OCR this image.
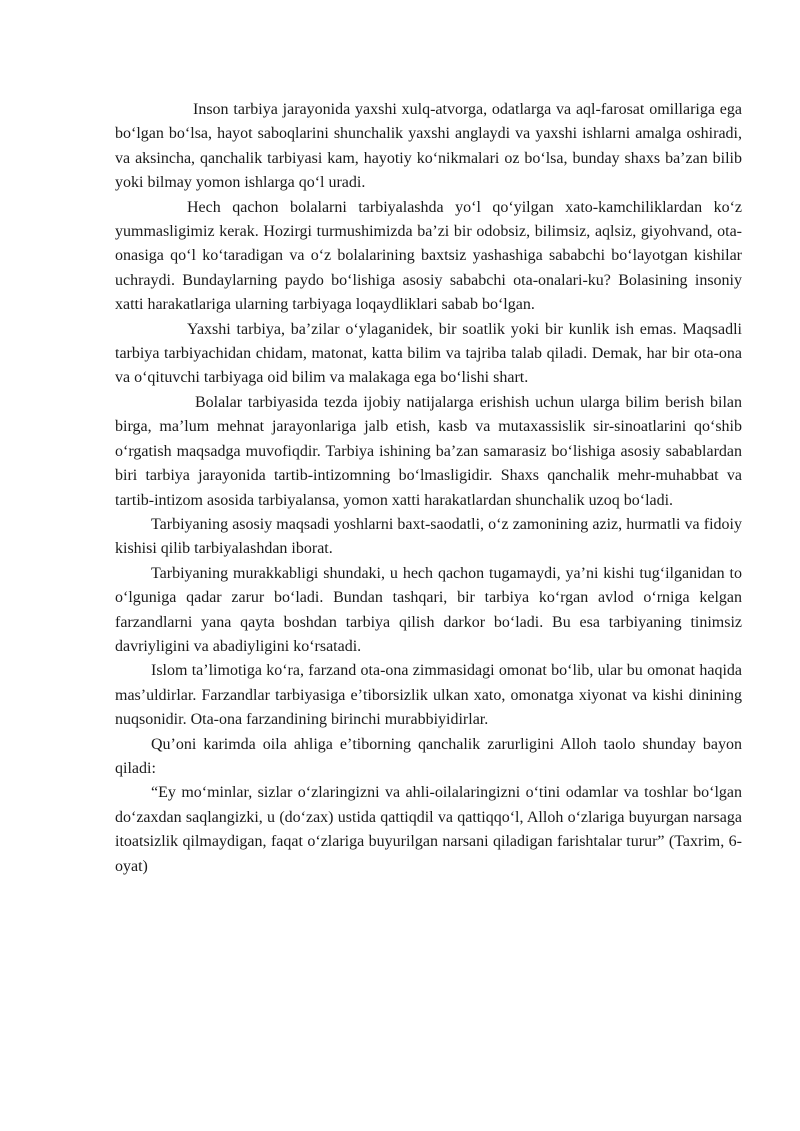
Inson tarbiya jarayonida yaxshi xulq-atvorga, odatlarga va aql-farosat omillariga ega boʻlgan boʻlsa, hayot saboqlarini shunchalik yaxshi anglaydi va yaxshi ishlarni amalga oshiradi, va aksincha, qanchalik tarbiyasi kam, hayotiy koʻnikmalari oz boʻlsa, bunday shaxs baʼzan bilib yoki bilmay yomon ishlarga qoʻl uradi.

Hech qachon bolalarni tarbiyalashda yoʻl qoʻyilgan xato-kamchiliklardan koʻz yummasligimiz kerak. Hozirgi turmushimizda baʼzi bir odobsiz, bilimsiz, aqlsiz, giyohvand, ota-onasiga qoʻl koʻtaradigan va oʻz bolalarining baxtsiz yashashiga sababchi boʻlayotgan kishilar uchraydi. Bundaylarning paydo boʻlishiga asosiy sababchi ota-onalari-ku? Bolasining insoniy xatti harakatlariga ularning tarbiyaga loqaydliklari sabab boʻlgan.

Yaxshi tarbiya, baʼzilar oʻylaganidek, bir soatlik yoki bir kunlik ish emas. Maqsadli tarbiya tarbiyachidan chidam, matonat, katta bilim va tajriba talab qiladi. Demak, har bir ota-ona va oʻqituvchi tarbiyaga oid bilim va malakaga ega boʻlishi shart.

Bolalar tarbiyasida tezda ijobiy natijalarga erishish uchun ularga bilim berish bilan birga, maʼlum mehnat jarayonlariga jalb etish, kasb va mutaxassislik sir-sinoatlarini qoʻshib oʻrgatish maqsadga muvofiqdir. Tarbiya ishining baʼzan samarasiz boʻlishiga asosiy sabablardan biri tarbiya jarayonida tartib-intizomning boʻlmasligidir. Shaxs qanchalik mehr-muhabbat va tartib-intizom asosida tarbiyalansa, yomon xatti harakatlardan shunchalik uzoq boʻladi.

Tarbiyaning asosiy maqsadi yoshlarni baxt-saodatli, oʻz zamonining aziz, hurmatli va fidoiy kishisi qilib tarbiyalashdan iborat.

Tarbiyaning murakkabligi shundaki, u hech qachon tugamaydi, yaʼni kishi tugʻilganidan to oʻlguniga qadar zarur boʻladi. Bundan tashqari, bir tarbiya koʻrgan avlod oʻrniga kelgan farzandlarni yana qayta boshdan tarbiya qilish darkor boʻladi. Bu esa tarbiyaning tinimsiz davriyligini va abadiyligini koʻrsatadi.

Islom taʼlimotiga koʻra, farzand ota-ona zimmasidagi omonat boʻlib, ular bu omonat haqida masʼuldirlar. Farzandlar tarbiyasiga eʼtiborsizlik ulkan xato, omonatga xiyonat va kishi dinining nuqsonidir. Ota-ona farzandining birinchi murabbiyidirlar.

Quʼoni karimda oila ahliga eʼtiborning qanchalik zarurligini Alloh taolo shunday bayon qiladi:

“Ey moʻminlar, sizlar oʻzlaringizni va ahli-oilalaringizni oʻtini odamlar va toshlar boʻlgan doʻzaxdan saqlangizki, u (doʻzax) ustida qattiqdil va qattiqqoʻl, Alloh oʻzlariga buyurgan narsaga itoatsizlik qilmaydigan, faqat oʻzlariga buyurilgan narsani qiladigan farishtalar turur” (Taxrim, 6-oyat)
